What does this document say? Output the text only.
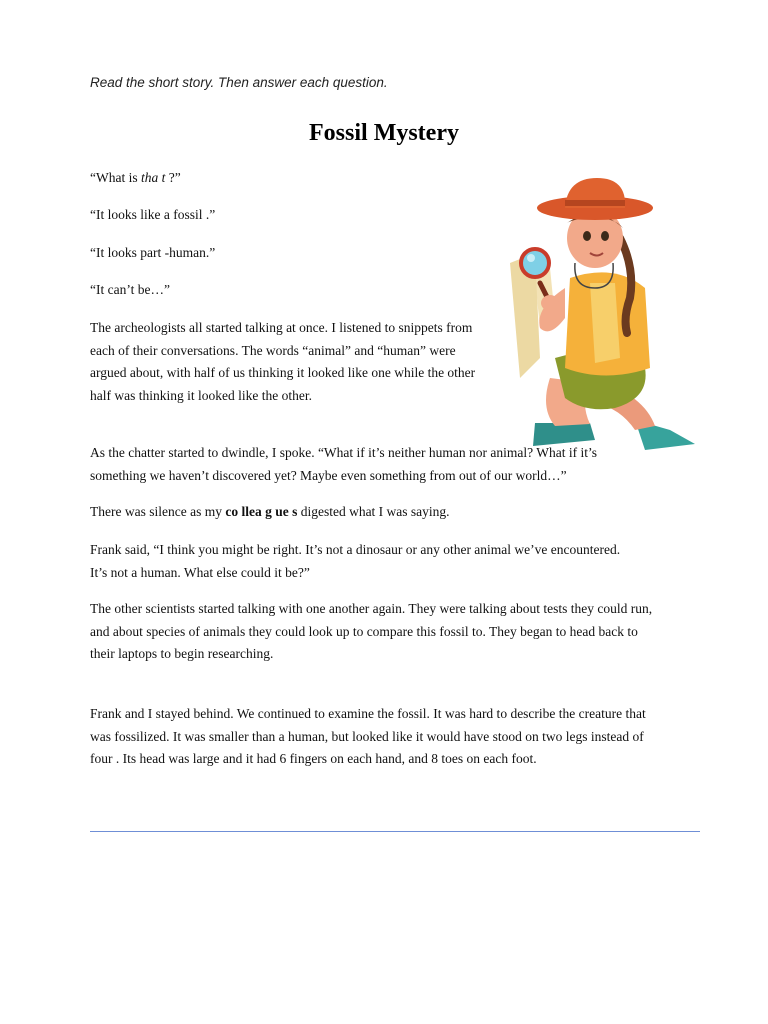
Read the short story. Then answer each question.
Fossil Mystery
“What is tha t ?”
“It looks like a fossil .”
“It looks part -human.”
“It can’t be…”
The archeologists all started talking at once. I listened to snippets from
each of their conversations. The words “animal” and “human” were
argued about, with half of us thinking it looked like one while the other
half was thinking it looked like the other.
As the chatter started to dwindle, I spoke. “What if it’s neither human nor animal? What if it’s
something we haven’t discovered yet? Maybe even something from out of our world…”
There was silence as my co llea g ue s digested what I was saying.
Frank said, “I think you might be right. It’s not a dinosaur or any other animal we’ve encountered.
It’s not a human. What else could it be?”
The other scientists started talking with one another again. They were talking about tests they could run,
and about species of animals they could look up to compare this fossil to. They began to head back to
their laptops to begin researching.
Frank and I stayed behind. We continued to examine the fossil. It was hard to describe the creature that
was fossilized. It was smaller than a human, but looked like it would have stood on two legs instead of
four . Its head was large and it had 6 fingers on each hand, and 8 toes on each foot.
